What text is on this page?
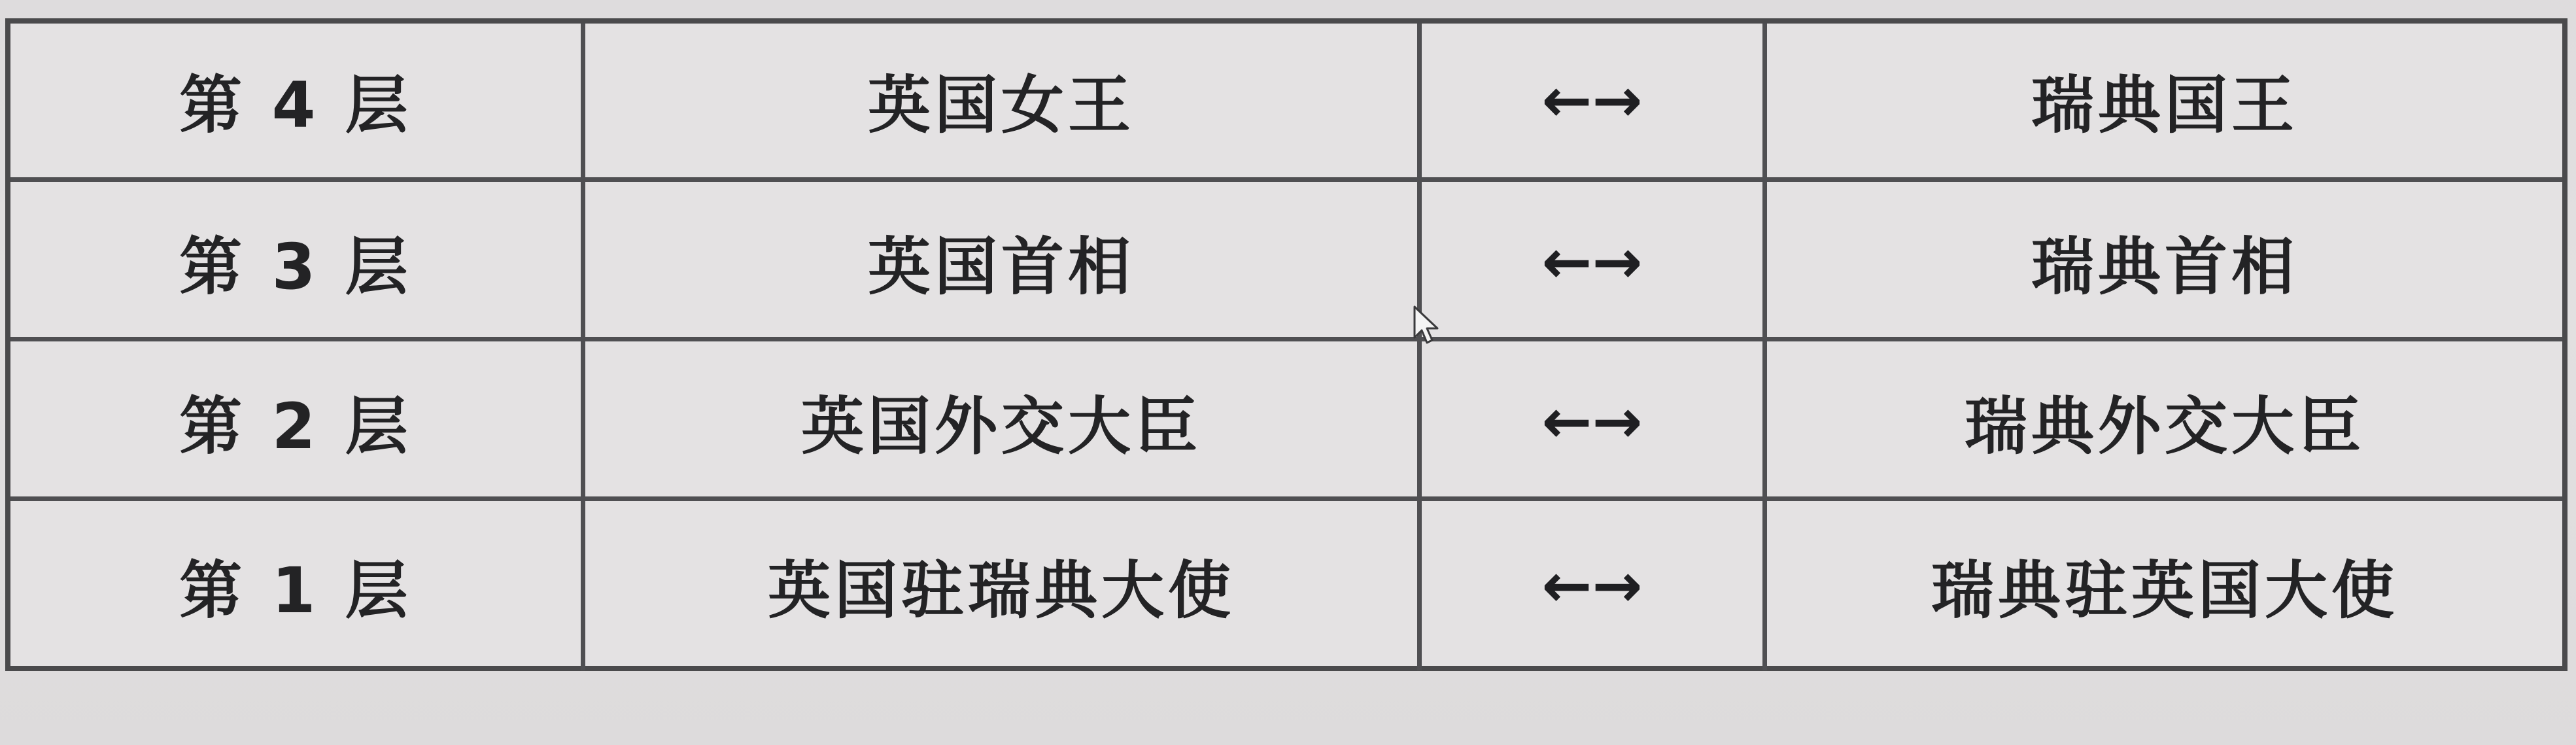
第 4 层	英国女王	←→	瑞典国王
第 3 层	英国首相	←→	瑞典首相
第 2 层	英国外交大臣	←→	瑞典外交大臣
第 1 层	英国驻瑞典大使	←→	瑞典驻英国大使
